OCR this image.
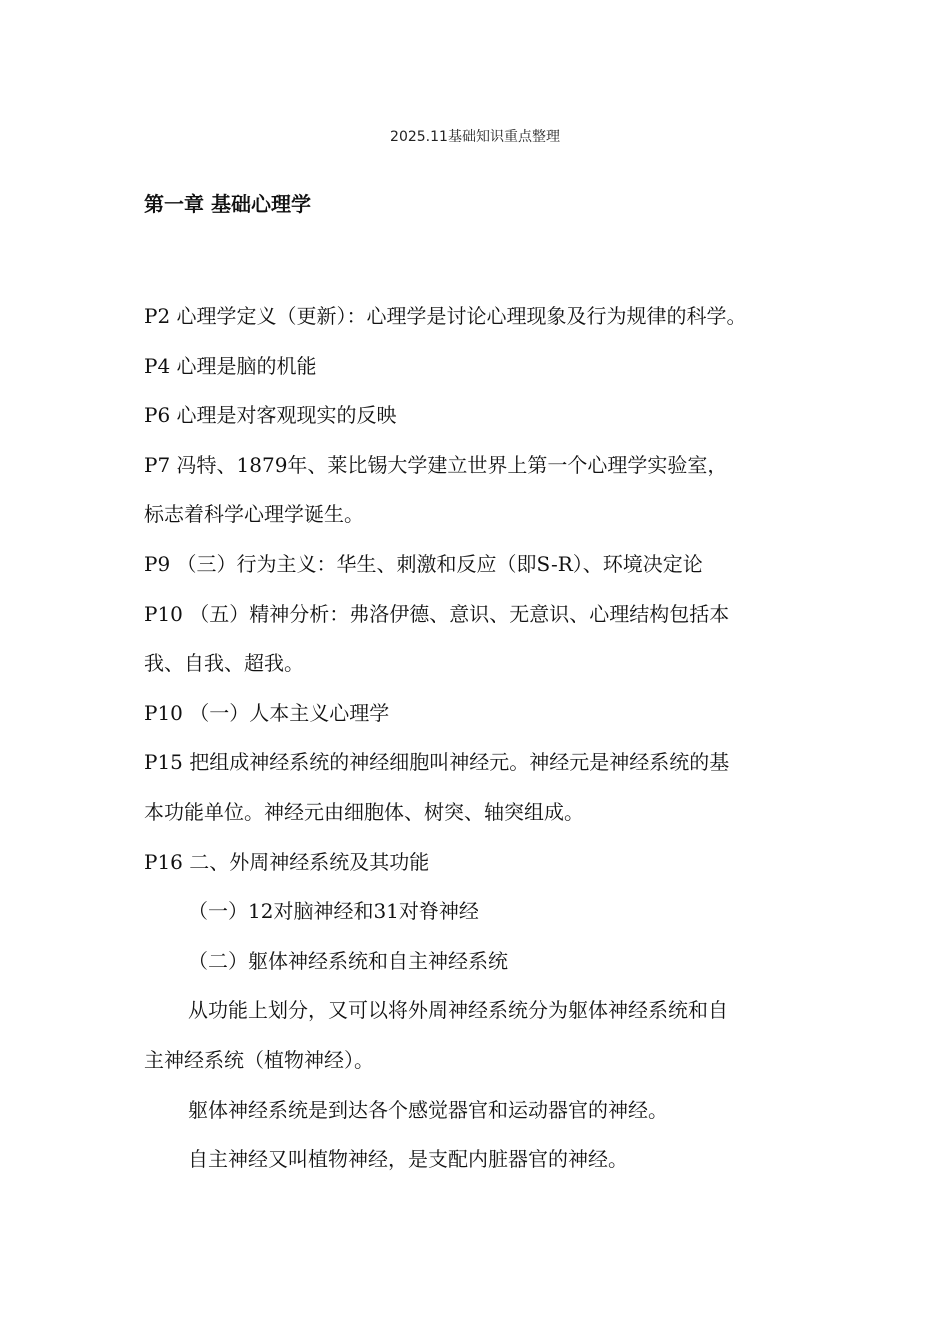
2025.11基础知识重点整理
第一章 基础心理学
P2 心理学定义（更新）：心理学是讨论心理现象及行为规律的科学。
P4 心理是脑的机能
P6 心理是对客观现实的反映
P7 冯特、1879年、莱比锡大学建立世界上第一个心理学实验室，
标志着科学心理学诞生。
P9 （三）行为主义：华生、刺激和反应（即S-R）、环境决定论
P10 （五）精神分析：弗洛伊德、意识、无意识、心理结构包括本
我、自我、超我。
P10 （一）人本主义心理学
P15 把组成神经系统的神经细胞叫神经元。神经元是神经系统的基
本功能单位。神经元由细胞体、树突、轴突组成。
P16 二、外周神经系统及其功能
（一）12对脑神经和31对脊神经
（二）躯体神经系统和自主神经系统
从功能上划分，又可以将外周神经系统分为躯体神经系统和自
主神经系统（植物神经）。
躯体神经系统是到达各个感觉器官和运动器官的神经。
自主神经又叫植物神经，是支配内脏器官的神经。
